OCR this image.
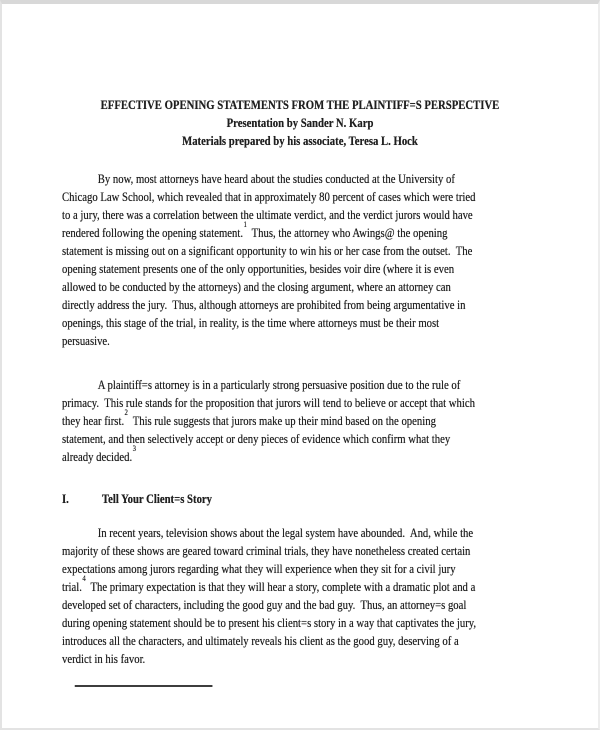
EFFECTIVE OPENING STATEMENTS FROM THE PLAINTIFF=S PERSPECTIVE
Presentation by Sander N. Karp
Materials prepared by his associate, Teresa L. Hock
By now, most attorneys have heard about the studies conducted at the University of
Chicago Law School, which revealed that in approximately 80 percent of cases which were tried
to a jury, there was a correlation between the ultimate verdict, and the verdict jurors would have
rendered following the opening statement.$^1$  Thus, the attorney who Awings@ the opening
statement is missing out on a significant opportunity to win his or her case from the outset.  The
opening statement presents one of the only opportunities, besides voir dire (where it is even
allowed to be conducted by the attorneys) and the closing argument, where an attorney can
directly address the jury.  Thus, although attorneys are prohibited from being argumentative in
openings, this stage of the trial, in reality, is the time where attorneys must be their most
persuasive.
A plaintiff=s attorney is in a particularly strong persuasive position due to the rule of
primacy.  This rule stands for the proposition that jurors will tend to believe or accept that which
they hear first.$^2$  This rule suggests that jurors make up their mind based on the opening
statement, and then selectively accept or deny pieces of evidence which confirm what they
already decided.$^3$
I.	Tell Your Client=s Story
In recent years, television shows about the legal system have abounded.  And, while the
majority of these shows are geared toward criminal trials, they have nonetheless created certain
expectations among jurors regarding what they will experience when they sit for a civil jury
trial.$^4$  The primary expectation is that they will hear a story, complete with a dramatic plot and a
developed set of characters, including the good guy and the bad guy.  Thus, an attorney=s goal
during opening statement should be to present his client=s story in a way that captivates the jury,
introduces all the characters, and ultimately reveals his client as the good guy, deserving of a
verdict in his favor.
